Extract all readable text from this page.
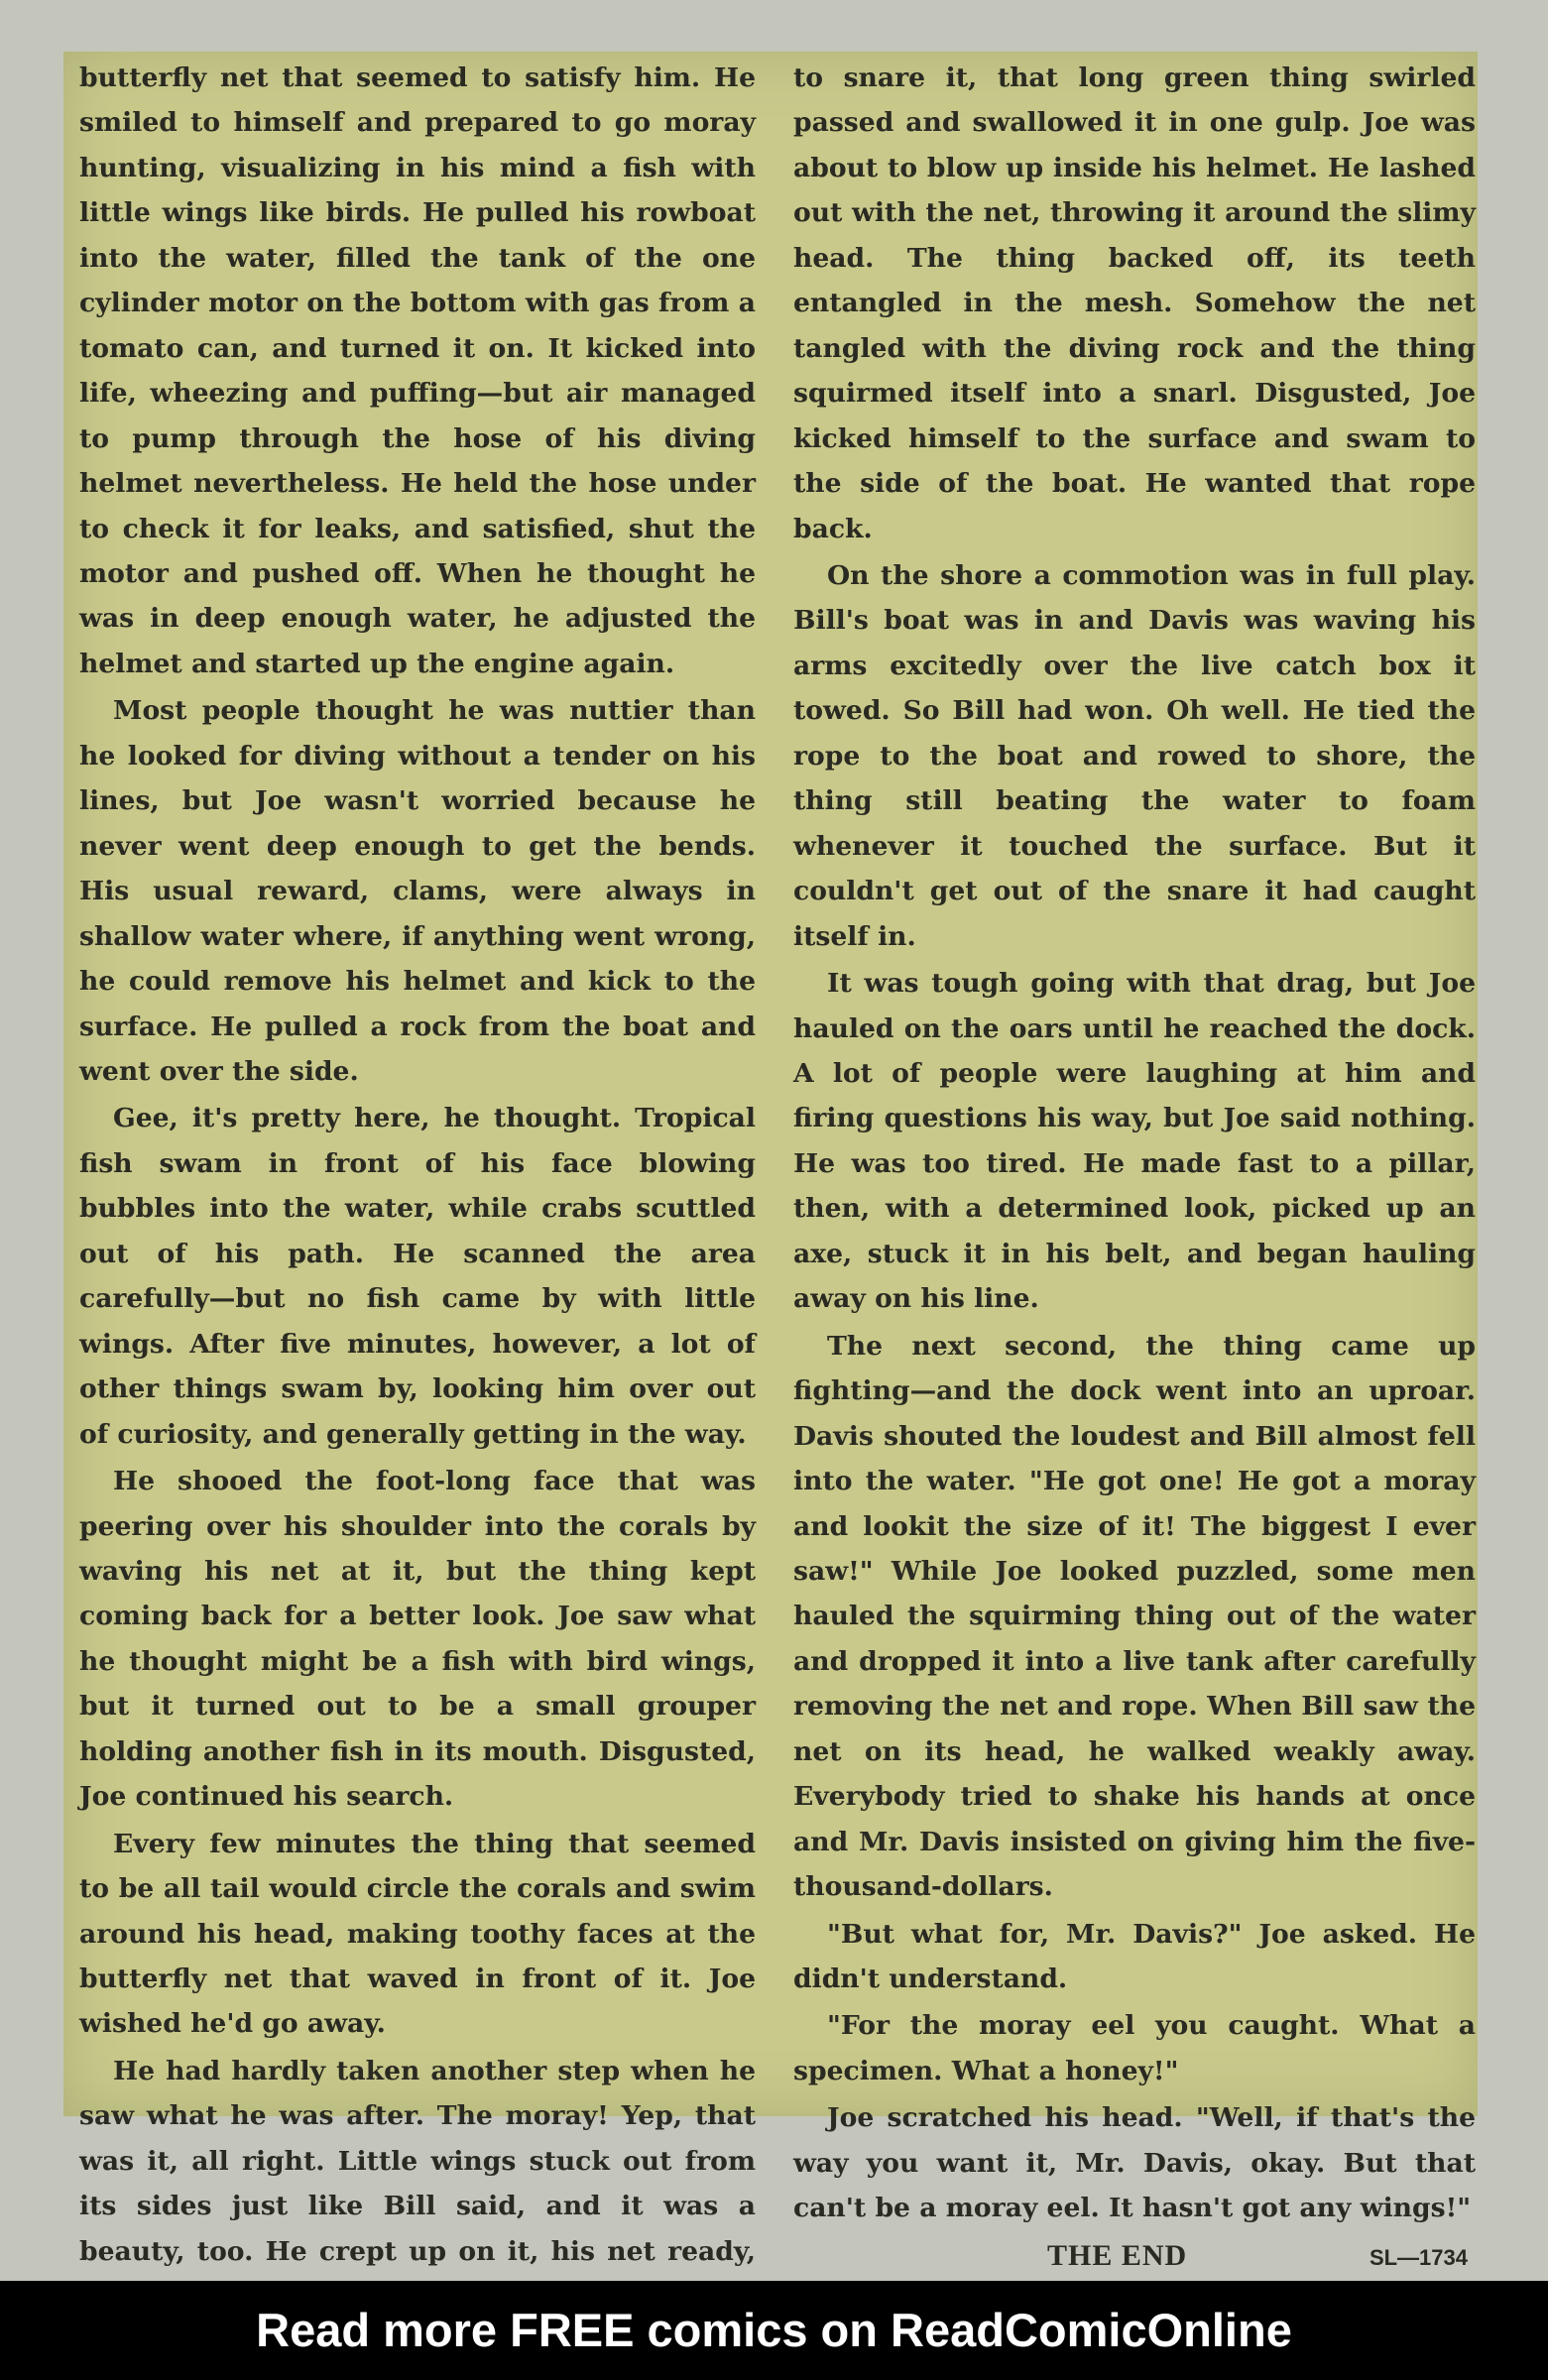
butterfly net that seemed to satisfy him. He smiled to himself and prepared to go moray hunting, visualizing in his mind a fish with little wings like birds. He pulled his rowboat into the water, filled the tank of the one cylinder motor on the bottom with gas from a tomato can, and turned it on. It kicked into life, wheezing and puffing—but air managed to pump through the hose of his diving helmet nevertheless. He held the hose under to check it for leaks, and satisfied, shut the motor and pushed off. When he thought he was in deep enough water, he adjusted the helmet and started up the engine again.

Most people thought he was nuttier than he looked for diving without a tender on his lines, but Joe wasn't worried because he never went deep enough to get the bends. His usual reward, clams, were always in shallow water where, if anything went wrong, he could remove his helmet and kick to the surface. He pulled a rock from the boat and went over the side.

Gee, it's pretty here, he thought. Tropical fish swam in front of his face blowing bubbles into the water, while crabs scuttled out of his path. He scanned the area carefully—but no fish came by with little wings. After five minutes, however, a lot of other things swam by, looking him over out of curiosity, and generally getting in the way.

He shooed the foot-long face that was peering over his shoulder into the corals by waving his net at it, but the thing kept coming back for a better look. Joe saw what he thought might be a fish with bird wings, but it turned out to be a small grouper holding another fish in its mouth. Disgusted, Joe continued his search.

Every few minutes the thing that seemed to be all tail would circle the corals and swim around his head, making toothy faces at the butterfly net that waved in front of it. Joe wished he'd go away.

He had hardly taken another step when he saw what he was after. The moray! Yep, that was it, all right. Little wings stuck out from its sides just like Bill said, and it was a beauty, too. He crept up on it, his net ready,

to snare it, that long green thing swirled passed and swallowed it in one gulp. Joe was about to blow up inside his helmet. He lashed out with the net, throwing it around the slimy head. The thing backed off, its teeth entangled in the mesh. Somehow the net tangled with the diving rock and the thing squirmed itself into a snarl. Disgusted, Joe kicked himself to the surface and swam to the side of the boat. He wanted that rope back.

On the shore a commotion was in full play. Bill's boat was in and Davis was waving his arms excitedly over the live catch box it towed. So Bill had won. Oh well. He tied the rope to the boat and rowed to shore, the thing still beating the water to foam whenever it touched the surface. But it couldn't get out of the snare it had caught itself in.

It was tough going with that drag, but Joe hauled on the oars until he reached the dock. A lot of people were laughing at him and firing questions his way, but Joe said nothing. He was too tired. He made fast to a pillar, then, with a determined look, picked up an axe, stuck it in his belt, and began hauling away on his line.

The next second, the thing came up fighting—and the dock went into an uproar. Davis shouted the loudest and Bill almost fell into the water. "He got one! He got a moray and lookit the size of it! The biggest I ever saw!" While Joe looked puzzled, some men hauled the squirming thing out of the water and dropped it into a live tank after carefully removing the net and rope. When Bill saw the net on its head, he walked weakly away. Everybody tried to shake his hands at once and Mr. Davis insisted on giving him the five-thousand-dollars.

"But what for, Mr. Davis?" Joe asked. He didn't understand.

"For the moray eel you caught. What a specimen. What a honey!"

Joe scratched his head. "Well, if that's the way you want it, Mr. Davis, okay. But that can't be a moray eel. It hasn't got any wings!"

THE END	SL—1734
Read more FREE comics on ReadComicOnline
